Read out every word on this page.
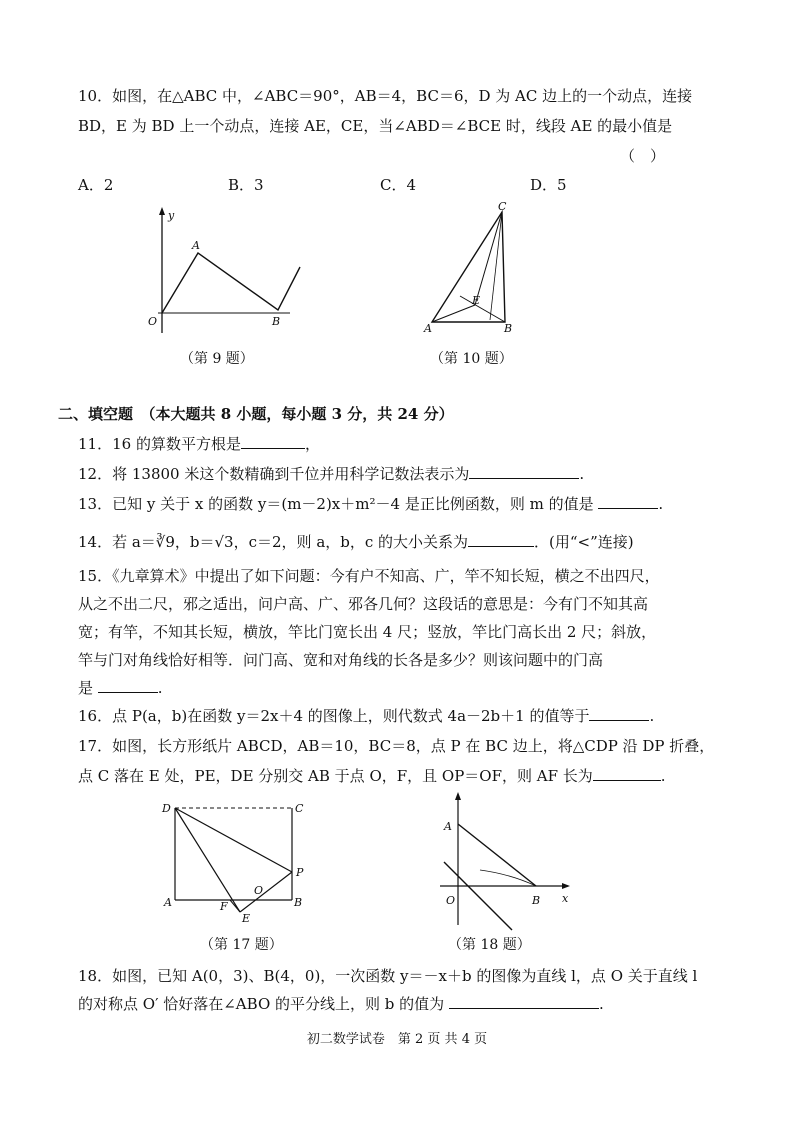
10．如图，在△ABC 中，∠ABC＝90°，AB＝4，BC＝6，D 为 AC 边上的一个动点，连接
BD，E 为 BD 上一个动点，连接 AE，CE，当∠ABD＝∠BCE 时，线段 AE 的最小值是
（　）
A．2	B．3	C．4	D．5
y
A
O	B
（第 9 题）
C
A	B
E
（第 10 题）
二、填空题　（本大题共 8 小题，每小题 3 分，共 24 分）
11．16 的算数平方根是	，
12．将 13800 米这个数精确到千位并用科学记数法表示为	.
13．已知 y 关于 x 的函数 y＝(m－2)x＋m²－4 是正比例函数，则 m 的值是	.
14．若 a＝∛9，b＝√3，c＝2，则 a，b，c 的大小关系为	．(用“<”连接)
15．《九章算术》中提出了如下问题：今有户不知高、广，竿不知长短，横之不出四尺，
从之不出二尺，邪之适出，问户高、广、邪各几何？这段话的意思是：今有门不知其高
宽；有竿，不知其长短，横放，竿比门宽长出 4 尺；竖放，竿比门高长出 2 尺；斜放，
竿与门对角线恰好相等．问门高、宽和对角线的长各是多少？则该问题中的门高
是	.
16．点 P(a，b)在函数 y＝2x＋4 的图像上，则代数式 4a－2b＋1 的值等于	.
17．如图，长方形纸片 ABCD，AB＝10，BC＝8，点 P 在 BC 边上，将△CDP 沿 DP 折叠，
点 C 落在 E 处，PE，DE 分别交 AB 于点 O，F，且 OP＝OF，则 AF 长为	.
D	C
P
O
A	F
E
B
（第 17 题）
A
O	B x
（第 18 题）
18．如图，已知 A(0，3)、B(4，0)，一次函数 y＝－x＋b 的图像为直线 l，点 O 关于直线 l
的对称点 O′ 恰好落在∠ABO 的平分线上，则 b 的值为	.
初二数学试卷　第 2 页 共 4 页
